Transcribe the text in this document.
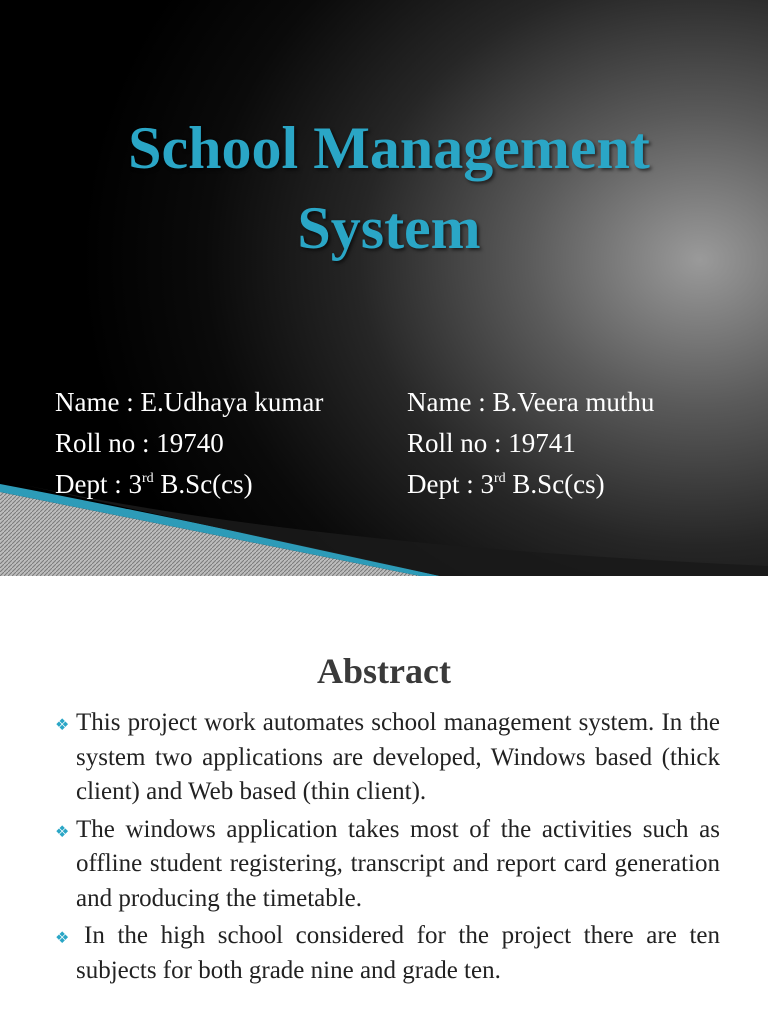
School Management
System
Name : E.Udhaya kumar
Roll no : 19740
Dept : 3rd B.Sc(cs)
Name : B.Veera muthu
Roll no : 19741
Dept : 3rd B.Sc(cs)
Abstract
❖ This project work automates school management system. In the system two applications are developed, Windows based (thick client) and Web based (thin client).
❖ The windows application takes most of the activities such as offline student registering, transcript and report card generation and producing the timetable.
❖ In the high school considered for the project there are ten subjects for both grade nine and grade ten.
